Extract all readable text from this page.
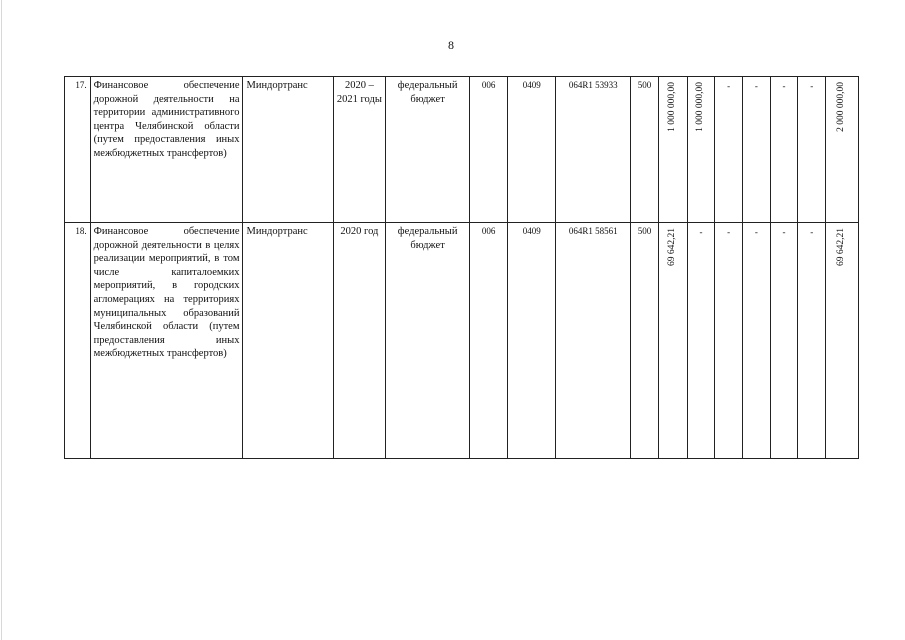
8
17.	Финансовое обеспечение дорожной деятельности на территории административного центра Челябинской области (путем предоставления иных межбюджетных трансфертов)	Миндортранс	2020 – 2021 годы	федеральный бюджет	006	0409	064R1 53933	500	1 000 000,00	1 000 000,00	-	-	-	-	2 000 000,00
18.	Финансовое обеспечение дорожной деятельности в целях реализации мероприятий, в том числе капиталоемких мероприятий, в городских агломерациях на территориях муниципальных образований Челябинской области (путем предоставления иных межбюджетных трансфертов)	Миндортранс	2020 год	федеральный бюджет	006	0409	064R1 58561	500	69 642,21	-	-	-	-	-	69 642,21
